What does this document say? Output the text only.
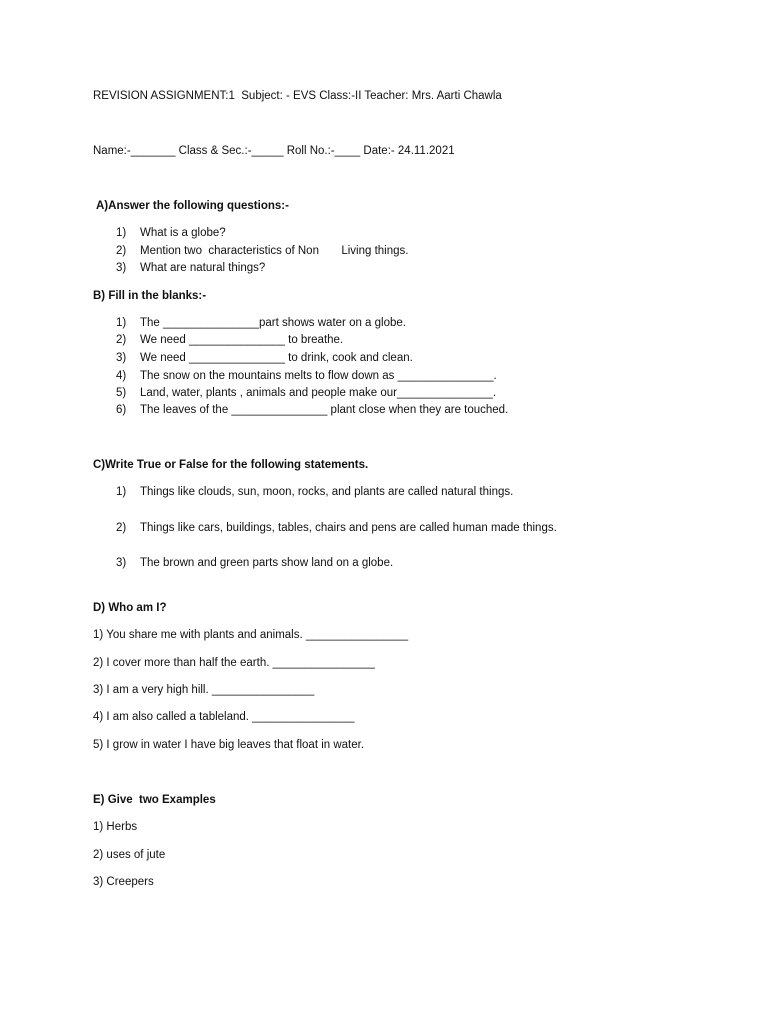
REVISION ASSIGNMENT:1  Subject: - EVS Class:-II Teacher: Mrs. Aarti Chawla
Name:-_______ Class & Sec.:-_____ Roll No.:-____ Date:- 24.11.2021
A)Answer the following questions:-
1)	What is a globe?
2)	Mention two  characteristics of Non       Living things.
3)	What are natural things?
B) Fill in the blanks:-
1)	The _______________part shows water on a globe.
2)	We need _______________ to breathe.
3)	We need _______________ to drink, cook and clean.
4)	The snow on the mountains melts to flow down as _______________.
5)	Land, water, plants , animals and people make our_______________.
6)	The leaves of the _______________ plant close when they are touched.
C)Write True or False for the following statements.
1)	Things like clouds, sun, moon, rocks, and plants are called natural things.
2)	Things like cars, buildings, tables, chairs and pens are called human made things.
3)	The brown and green parts show land on a globe.
D) Who am I?
1) You share me with plants and animals. ________________
2) I cover more than half the earth. ________________
3) I am a very high hill. ________________
4) I am also called a tableland. ________________
5) I grow in water I have big leaves that float in water.
E) Give  two Examples
1) Herbs
2) uses of jute
3) Creepers
